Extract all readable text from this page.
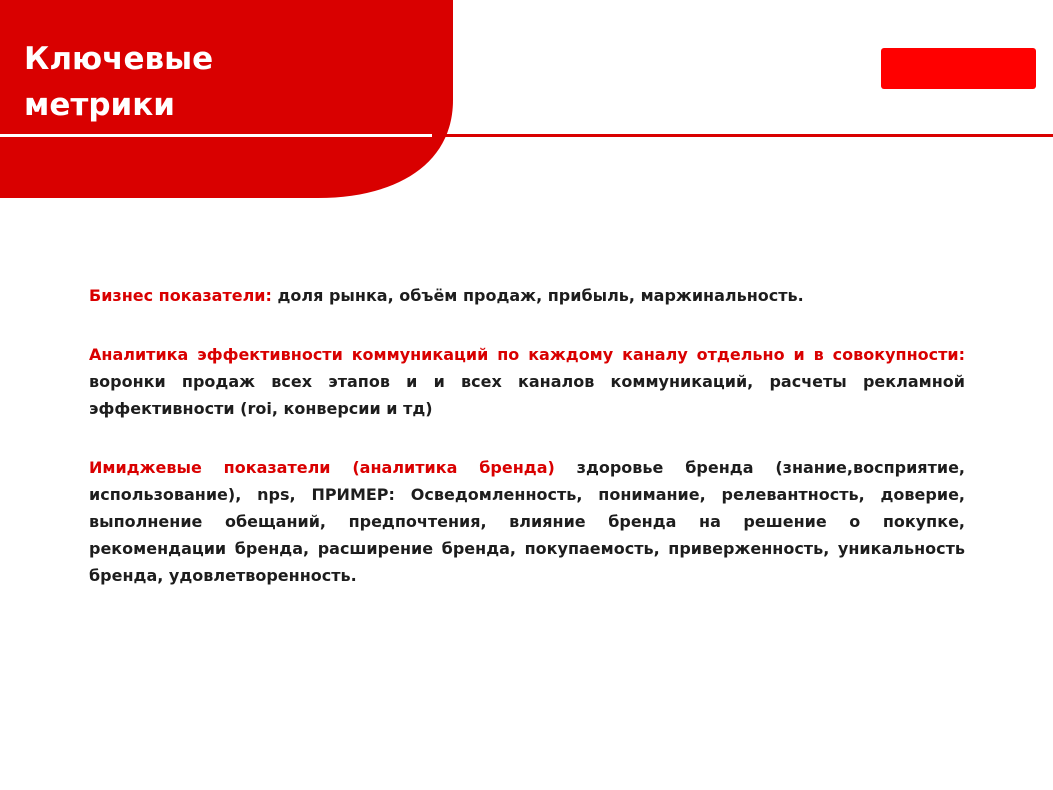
Ключевые
метрики

Бизнес показатели: доля рынка, объём продаж, прибыль, маржинальность.

Аналитика эффективности коммуникаций по каждому каналу отдельно и в совокупности: воронки продаж всех этапов и и всех каналов коммуникаций, расчеты рекламной эффективности (roi, конверсии и тд)

Имиджевые показатели (аналитика бренда) здоровье бренда (знание,восприятие, использование), nps, ПРИМЕР: Осведомленность, понимание, релевантность, доверие, выполнение обещаний, предпочтения, влияние бренда на решение о покупке, рекомендации бренда, расширение бренда, покупаемость, приверженность, уникальность бренда, удовлетворенность.
